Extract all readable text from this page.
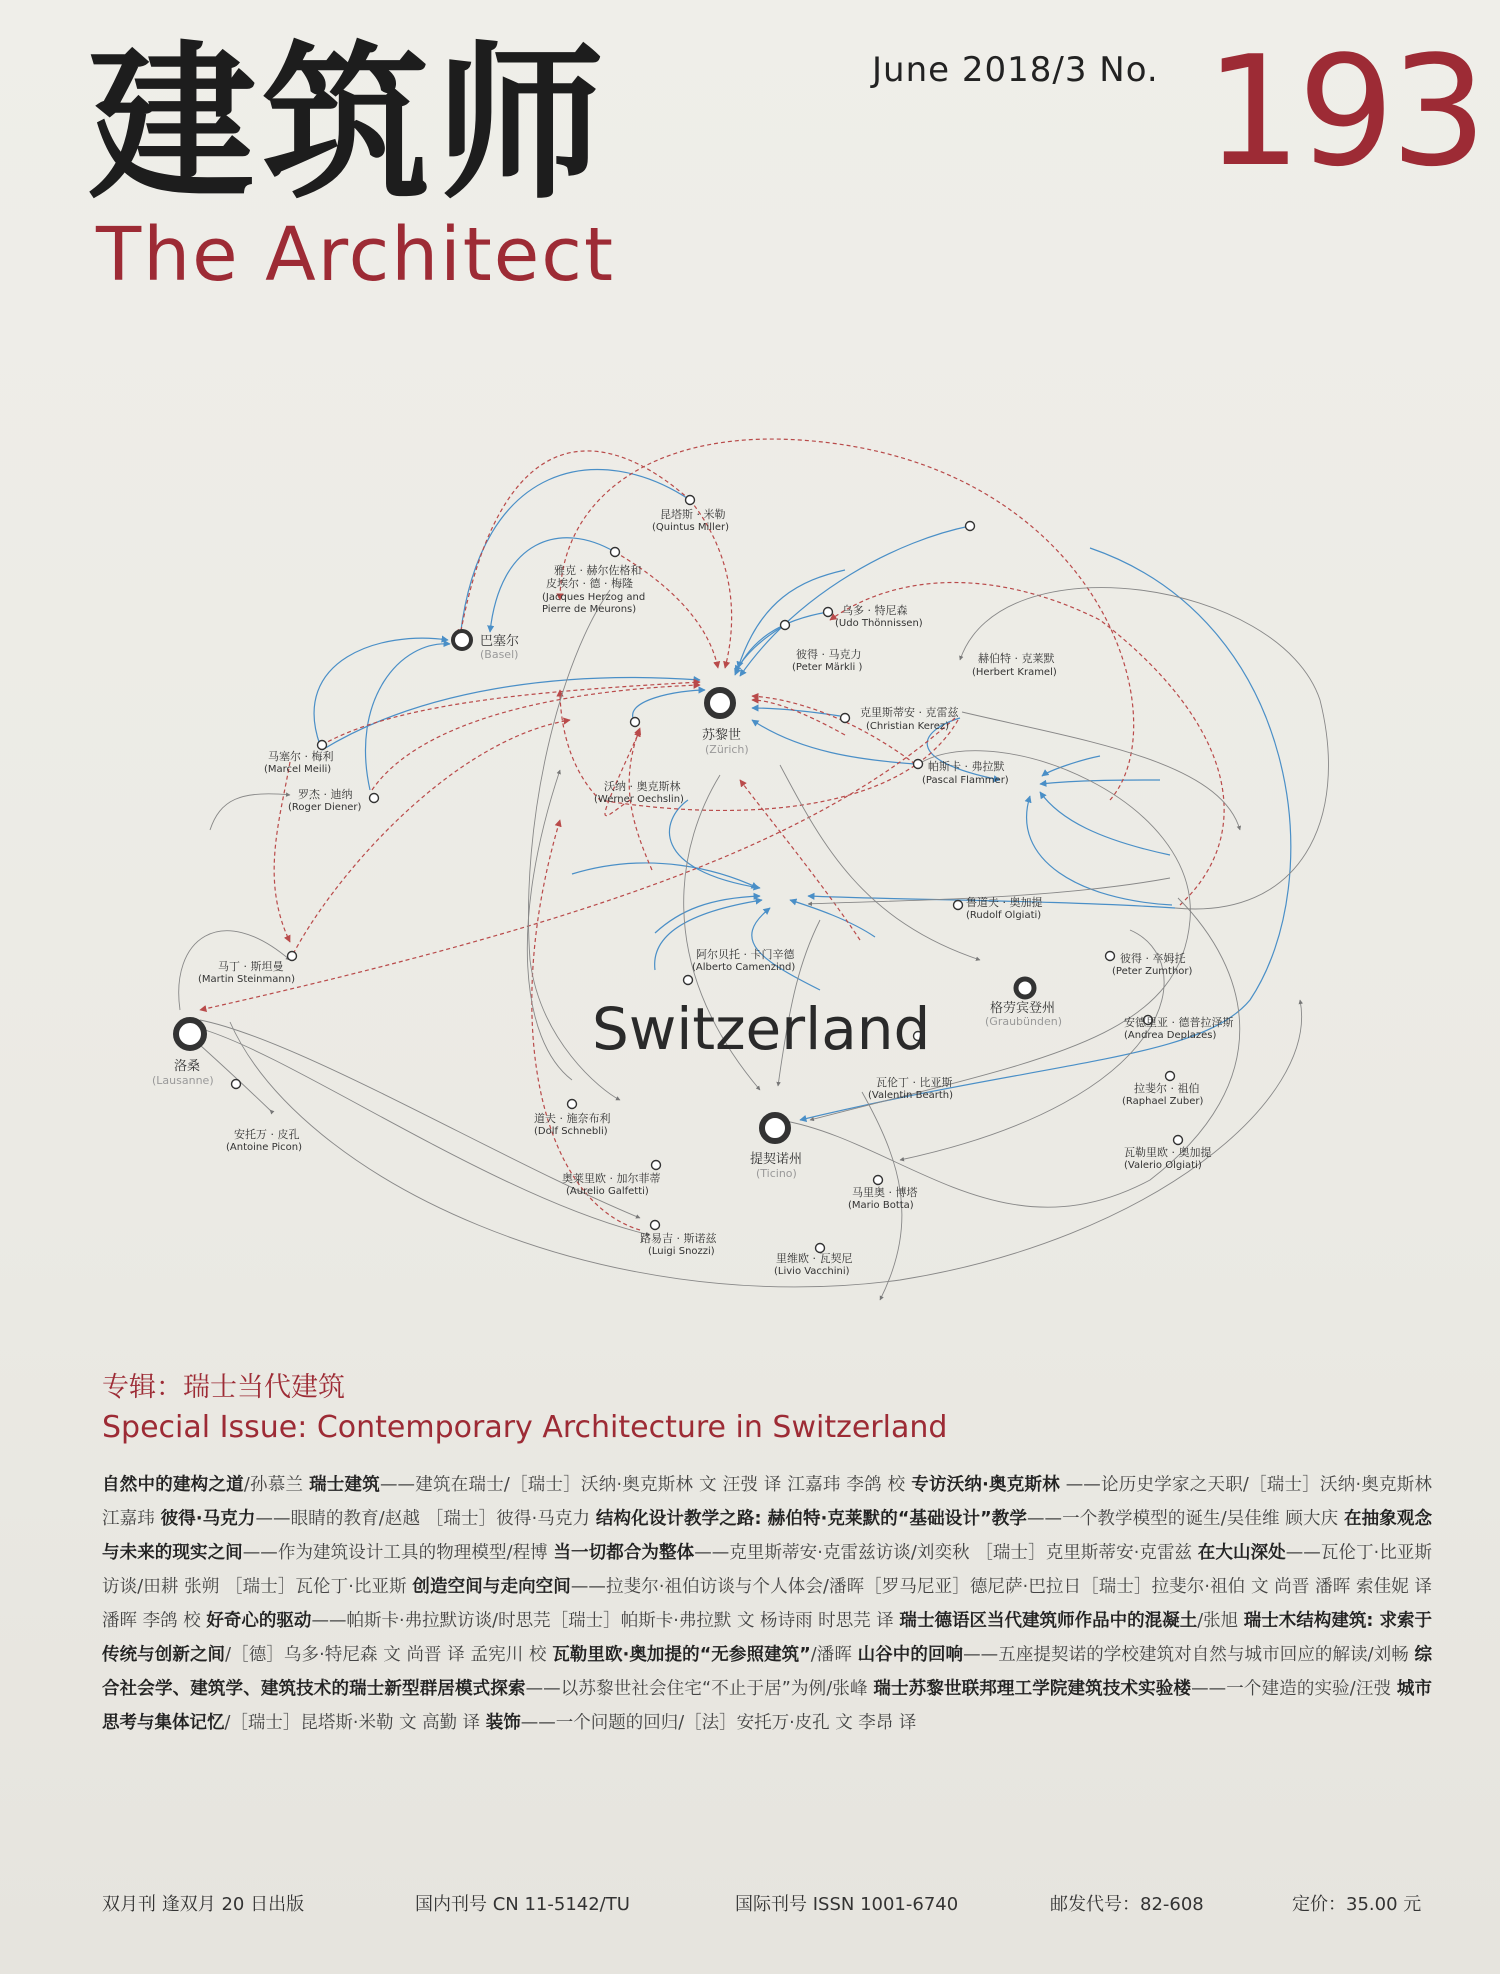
建筑师
The Architect
June 2018/3 No. 193
巴塞尔
(Basel)
苏黎世
(Zürich)
洛桑
(Lausanne)
格劳宾登州
(Graubünden)
提契诺州
(Ticino)
昆塔斯 · 米勒
(Quintus Miller)
雅克 · 赫尔佐格和
皮埃尔 · 德 · 梅隆
(Jacques Herzog and
Pierre de Meurons)	乌多 · 特尼森
(Udo Thönnissen)
彼得 · 马克力
(Peter Märkli )
赫伯特 · 克莱默
(Herbert Kramel)
克里斯蒂安 · 克雷兹
(Christian Kerez)
帕斯卡 · 弗拉默
(Pascal Flammer)
马塞尔 · 梅利
(Marcel Meili)
罗杰 · 迪纳
(Roger Diener)
沃纳 · 奥克斯林
(Werner Oechslin)
马丁 · 斯坦曼
(Martin Steinmann)
鲁道夫 · 奥加提
(Rudolf Olgiati)
阿尔贝托 · 卡门辛德
(Alberto Camenzind)
彼得 · 卒姆托
(Peter Zumthor)
安德里亚 · 德普拉泽斯
(Andrea Deplazes)
瓦伦丁 · 比亚斯
(Valentin Bearth)
拉斐尔 · 祖伯
(Raphael Zuber)
瓦勒里欧 · 奥加提
(Valerio Olgiati)
安托万 · 皮孔
(Antoine Picon)
道夫 · 施奈布利
(Dolf Schnebli)
奥莱里欧 · 加尔菲蒂
(Aurelio Galfetti)	马里奥 · 博塔
(Mario Botta)
路易吉 · 斯诺兹
(Luigi Snozzi)
里维欧 · 瓦契尼
(Livio Vacchini)
Switzerland
专辑：瑞士当代建筑
Special Issue: Contemporary Architecture in Switzerland
自然中的建构之道/孙慕兰 瑞士建筑——建筑在瑞士/［瑞士］沃纳·奥克斯林 文 汪弢 译 江嘉玮 李鸽 校 专访沃纳·奥克斯林 ——论历史学家之天职/［瑞士］沃纳·奥克斯林 江嘉玮 彼得·马克力——眼睛的教育/赵越 ［瑞士］彼得·马克力 结构化设计教学之路: 赫伯特·克莱默的“基础设计”教学——一个教学模型的诞生/吴佳维 顾大庆 在抽象观念与未来的现实之间——作为建筑设计工具的物理模型/程博 当一切都合为整体——克里斯蒂安·克雷兹访谈/刘奕秋 ［瑞士］克里斯蒂安·克雷兹 在大山深处——瓦伦丁·比亚斯访谈/田耕 张朔 ［瑞士］瓦伦丁·比亚斯 创造空间与走向空间——拉斐尔·祖伯访谈与个人体会/潘晖［罗马尼亚］德尼萨·巴拉日［瑞士］拉斐尔·祖伯 文 尚晋 潘晖 索佳妮 译 潘晖 李鸽 校 好奇心的驱动——帕斯卡·弗拉默访谈/时思芫［瑞士］帕斯卡·弗拉默 文 杨诗雨 时思芫 译 瑞士德语区当代建筑师作品中的混凝土/张旭 瑞士木结构建筑: 求索于传统与创新之间/［德］乌多·特尼森 文 尚晋 译 孟宪川 校 瓦勒里欧·奥加提的“无参照建筑”/潘晖 山谷中的回响——五座提契诺的学校建筑对自然与城市回应的解读/刘畅 综合社会学、建筑学、建筑技术的瑞士新型群居模式探索——以苏黎世社会住宅“不止于居”为例/张峰 瑞士苏黎世联邦理工学院建筑技术实验楼——一个建造的实验/汪弢 城市思考与集体记忆/［瑞士］昆塔斯·米勒 文 高勤 译 装饰——一个问题的回归/［法］安托万·皮孔 文 李昂 译
双月刊 逢双月 20 日出版	国内刊号 CN 11-5142/TU	国际刊号 ISSN 1001-6740	邮发代号：82-608	定价：35.00 元
